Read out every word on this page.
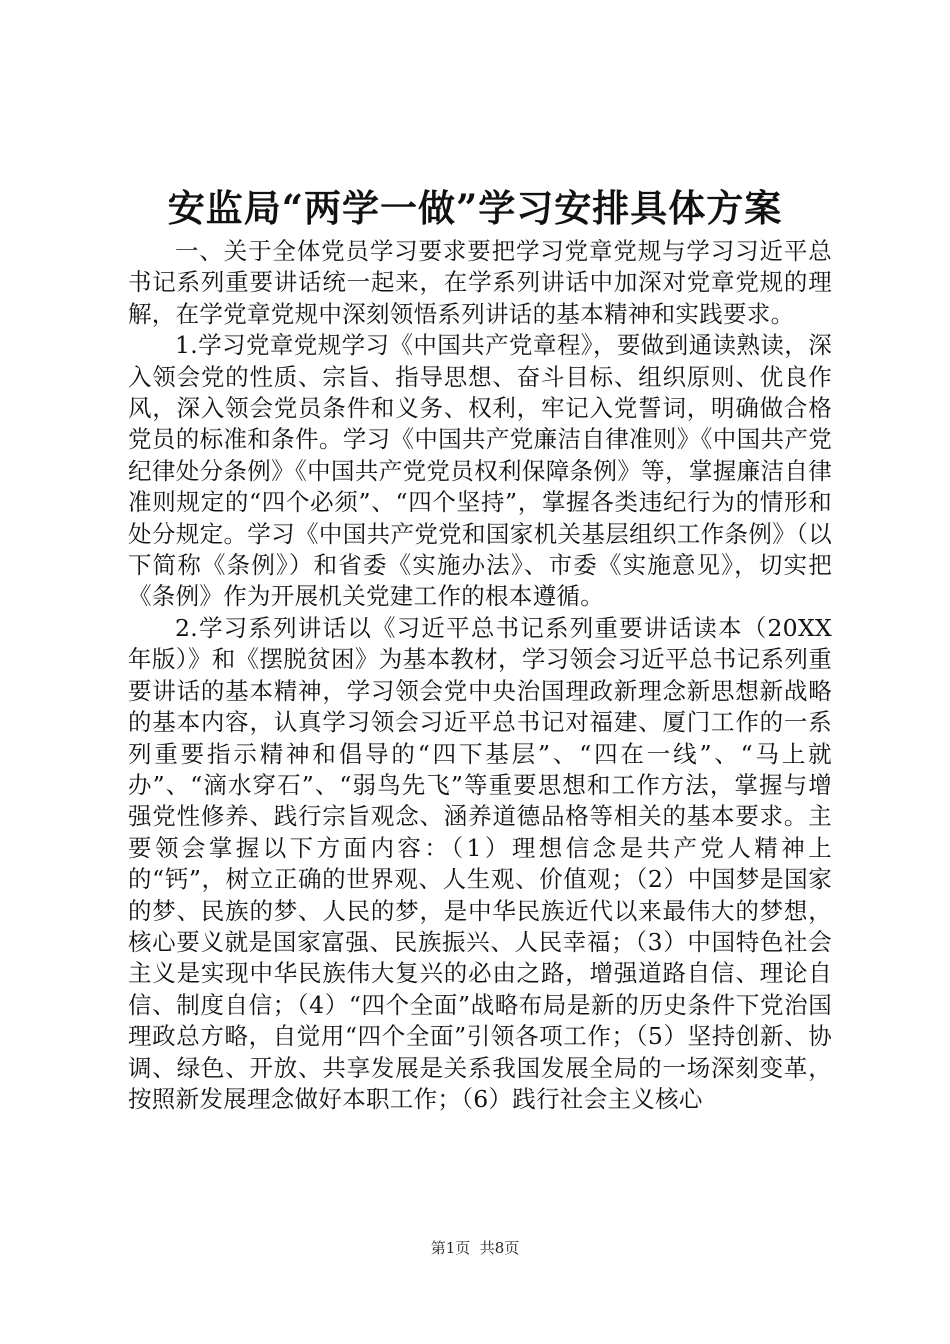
安监局“两学一做”学习安排具体方案

一、关于全体党员学习要求要把学习党章党规与学习习近平总书记系列重要讲话统一起来，在学系列讲话中加深对党章党规的理解，在学党章党规中深刻领悟系列讲话的基本精神和实践要求。

1.学习党章党规学习《中国共产党章程》，要做到通读熟读，深入领会党的性质、宗旨、指导思想、奋斗目标、组织原则、优良作风，深入领会党员条件和义务、权利，牢记入党誓词，明确做合格党员的标准和条件。学习《中国共产党廉洁自律准则》《中国共产党纪律处分条例》《中国共产党党员权利保障条例》等，掌握廉洁自律准则规定的“四个必须”、“四个坚持”，掌握各类违纪行为的情形和处分规定。学习《中国共产党党和国家机关基层组织工作条例》（以下简称《条例》）和省委《实施办法》、市委《实施意见》，切实把《条例》作为开展机关党建工作的根本遵循。

2.学习系列讲话以《习近平总书记系列重要讲话读本（20XX年版）》和《摆脱贫困》为基本教材，学习领会习近平总书记系列重要讲话的基本精神，学习领会党中央治国理政新理念新思想新战略的基本内容，认真学习领会习近平总书记对福建、厦门工作的一系列重要指示精神和倡导的“四下基层”、“四在一线”、“马上就办”、“滴水穿石”、“弱鸟先飞”等重要思想和工作方法，掌握与增强党性修养、践行宗旨观念、涵养道德品格等相关的基本要求。主要领会掌握以下方面内容：（1）理想信念是共产党人精神上的“钙”，树立正确的世界观、人生观、价值观；（2）中国梦是国家的梦、民族的梦、人民的梦，是中华民族近代以来最伟大的梦想，核心要义就是国家富强、民族振兴、人民幸福；（3）中国特色社会主义是实现中华民族伟大复兴的必由之路，增强道路自信、理论自信、制度自信；（4）“四个全面”战略布局是新的历史条件下党治国理政总方略，自觉用“四个全面”引领各项工作；（5）坚持创新、协调、绿色、开放、共享发展是关系我国发展全局的一场深刻变革，按照新发展理念做好本职工作；（6）践行社会主义核心

第1页  共8页
